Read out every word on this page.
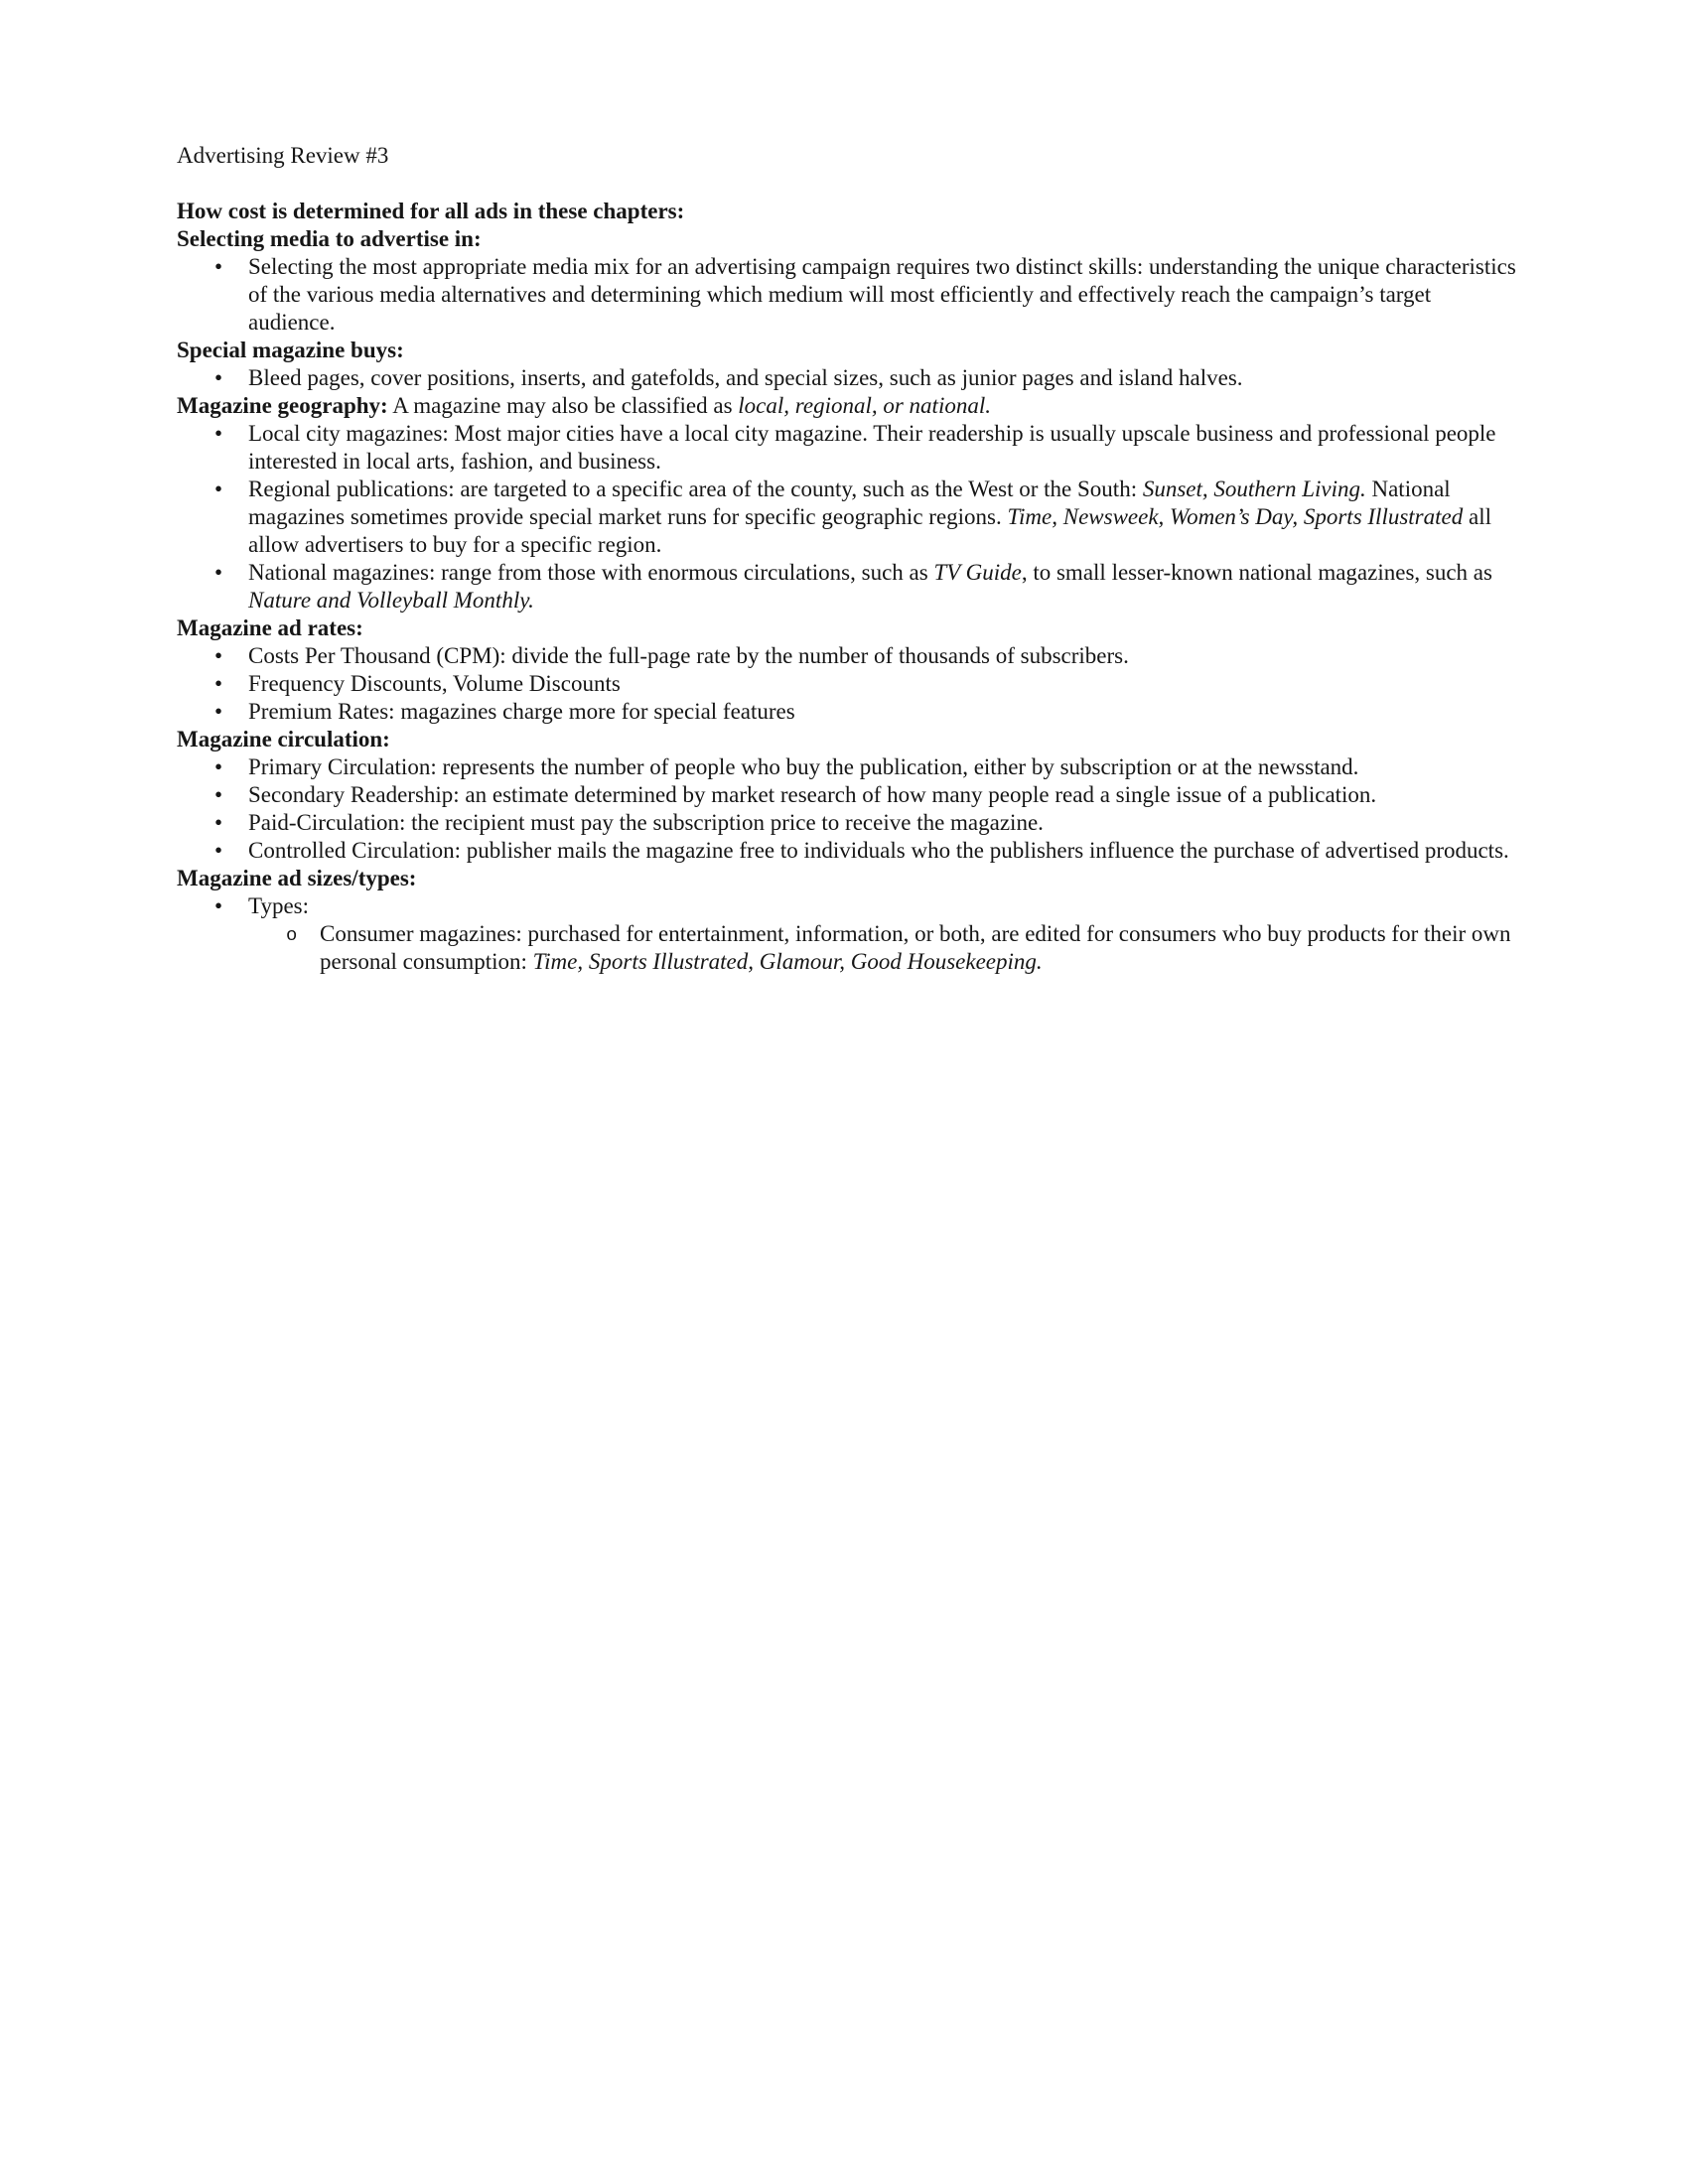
Advertising Review #3

How cost is determined for all ads in these chapters:

Selecting media to advertise in:

• Selecting the most appropriate media mix for an advertising campaign requires two distinct skills: understanding the unique characteristics of the various media alternatives and determining which medium will most efficiently and effectively reach the campaign’s target audience.

Special magazine buys:

• Bleed pages, cover positions, inserts, and gatefolds, and special sizes, such as junior pages and island halves.

Magazine geography: A magazine may also be classified as local, regional, or national.

• Local city magazines: Most major cities have a local city magazine. Their readership is usually upscale business and professional people interested in local arts, fashion, and business.
• Regional publications: are targeted to a specific area of the county, such as the West or the South: Sunset, Southern Living. National magazines sometimes provide special market runs for specific geographic regions. Time, Newsweek, Women’s Day, Sports Illustrated all allow advertisers to buy for a specific region.
• National magazines: range from those with enormous circulations, such as TV Guide, to small lesser-known national magazines, such as Nature and Volleyball Monthly.

Magazine ad rates:

• Costs Per Thousand (CPM): divide the full-page rate by the number of thousands of subscribers.
• Frequency Discounts, Volume Discounts
• Premium Rates: magazines charge more for special features

Magazine circulation:

• Primary Circulation: represents the number of people who buy the publication, either by subscription or at the newsstand.
• Secondary Readership: an estimate determined by market research of how many people read a single issue of a publication.
• Paid-Circulation: the recipient must pay the subscription price to receive the magazine.
• Controlled Circulation: publisher mails the magazine free to individuals who the publishers influence the purchase of advertised products.

Magazine ad sizes/types:

• Types:
o Consumer magazines: purchased for entertainment, information, or both, are edited for consumers who buy products for their own personal consumption: Time, Sports Illustrated, Glamour, Good Housekeeping.
